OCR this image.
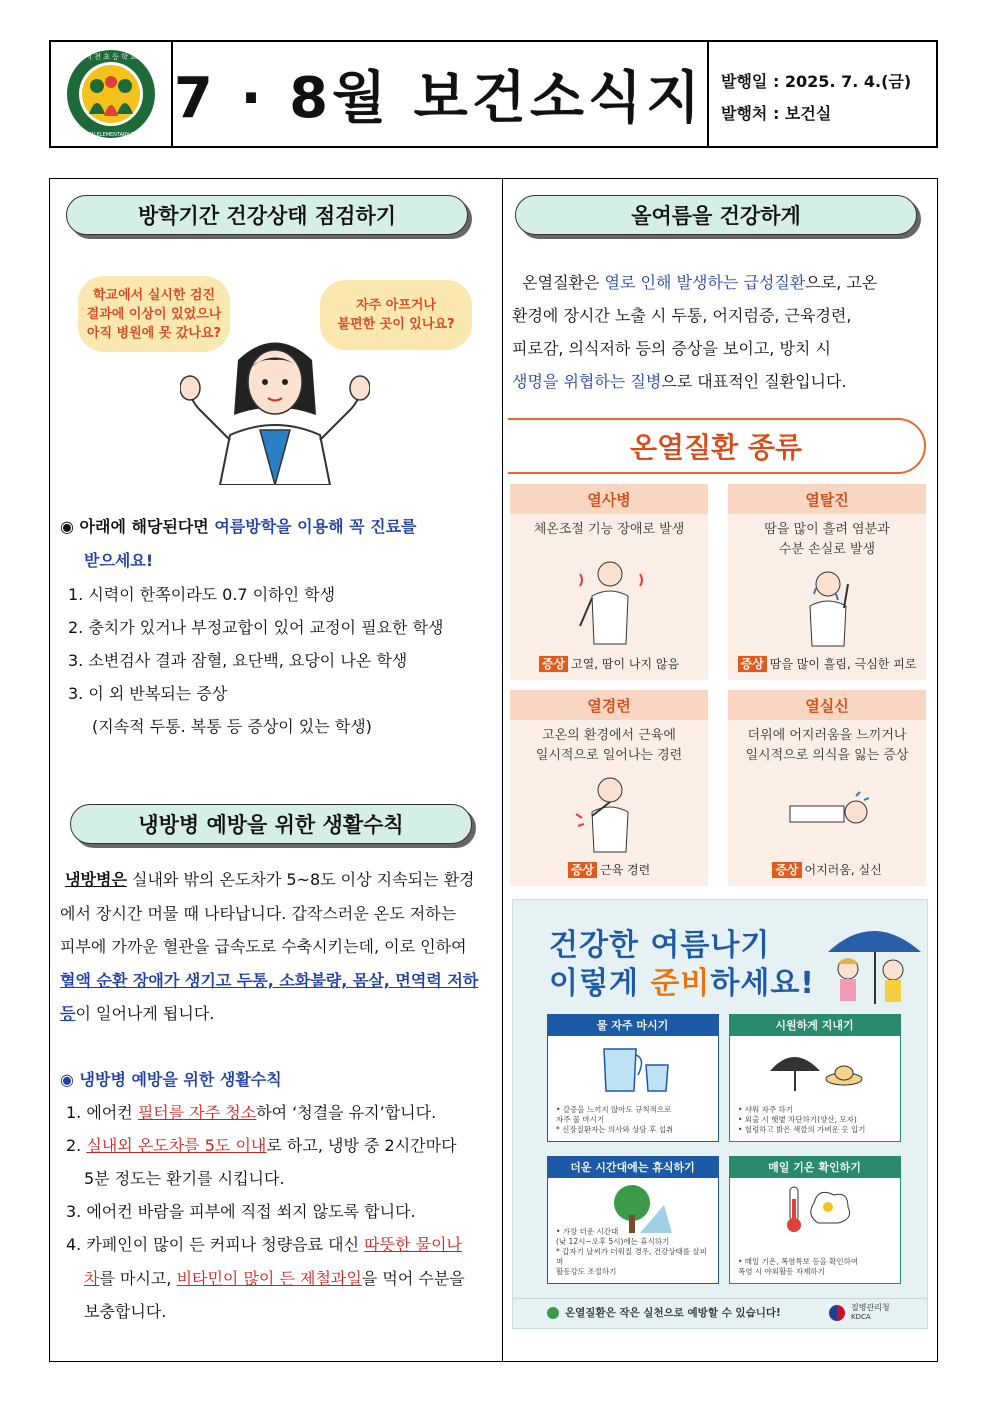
서 천 초 등 학 교
SEOCHUN ELEMENTARY SCHOOL
7 · 8월 보건소식지 발행일 : 2025. 7. 4.(금)
발행처 : 보건실
방학기간 건강상태 점검하기
학교에서 실시한 검진
결과에 이상이 있었으나
아직 병원에 못 갔나요?
자주 아프거나
불편한 곳이 있나요?
◉ 아래에 해당된다면 여름방학을 이용해 꼭 진료를
받으세요!
1. 시력이 한쪽이라도 0.7 이하인 학생
2. 충치가 있거나 부정교합이 있어 교정이 필요한 학생
3. 소변검사 결과 잠혈, 요단백, 요당이 나온 학생
3. 이 외 반복되는 증상
(지속적 두통. 복통 등 증상이 있는 학생)
냉방병 예방을 위한 생활수칙
냉방병은 실내와 밖의 온도차가 5~8도 이상 지속되는 환경
에서 장시간 머물 때 나타납니다. 갑작스러운 온도 저하는
피부에 가까운 혈관을 급속도로 수축시키는데, 이로 인하여
혈액 순환 장애가 생기고 두통, 소화불량, 몸살, 면역력 저하
등이 일어나게 됩니다.
◉ 냉방병 예방을 위한 생활수칙
1. 에어컨 필터를 자주 청소하여 ‘청결을 유지’합니다.
2. 실내외 온도차를 5도 이내로 하고, 냉방 중 2시간마다
5분 정도는 환기를 시킵니다.
3. 에어컨 바람을 피부에 직접 쐬지 않도록 합니다.
4. 카페인이 많이 든 커피나 청량음료 대신 따뜻한 물이나
차를 마시고, 비타민이 많이 든 제철과일을 먹어 수분을
보충합니다.
올여름을 건강하게
온열질환은 열로 인해 발생하는 급성질환으로, 고온
환경에 장시간 노출 시 두통, 어지럼증, 근육경련,
피로감, 의식저하 등의 증상을 보이고, 방치 시
생명을 위협하는 질병으로 대표적인 질환입니다.
온열질환 종류
열사병
체온조절 기능 장애로 발생
증상 고열, 땀이 나지 않음
열탈진
땀을 많이 흘려 염분과
수분 손실로 발생
증상 땀을 많이 흘림, 극심한 피로
열경련
고온의 환경에서 근육에
일시적으로 일어나는 경련
증상 근육 경련
열실신
더위에 어지러움을 느끼거나
일시적으로 의식을 잃는 증상
증상 어지러움, 실신
건강한 여름나기
이렇게 준비하세요!
물 자주 마시기
• 갈증을 느끼지 않아도 규칙적으로
자주 물 마시기
* 신장질환자는 의사와 상담 후 섭취
시원하게 지내기
• 샤워 자주 하기
• 외출 시 햇볕 차단하기(양산, 모자)
• 헐렁하고 밝은 색깔의 가벼운 옷 입기
더운 시간대에는 휴식하기
• 가장 더운 시간대
(낮 12시~오후 5시)에는 휴식하기
* 갑자기 날씨가 더워질 경우, 건강상태를 살피며
활동강도 조절하기
매일 기온 확인하기
• 매일 기온, 폭염특보 등을 확인하여
폭염 시 야외활동 자제하기
온열질환은 작은 실천으로 예방할 수 있습니다!	질병관리청
KDCA
